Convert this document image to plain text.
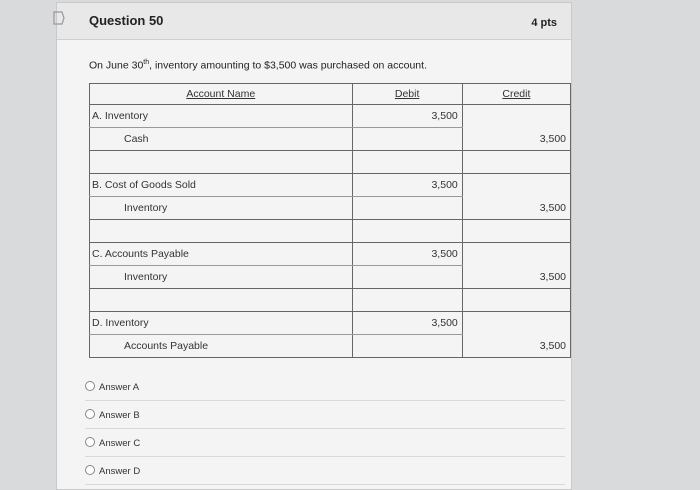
Question 50	4 pts
On June 30th, inventory amounting to $3,500 was purchased on account.
Account Name	Debit	Credit
A. Inventory	3,500	
Cash		3,500

B. Cost of Goods Sold	3,500	
Inventory		3,500

C. Accounts Payable	3,500	
Inventory		3,500

D. Inventory	3,500	
Accounts Payable		3,500
Answer A
Answer B
Answer C
Answer D
